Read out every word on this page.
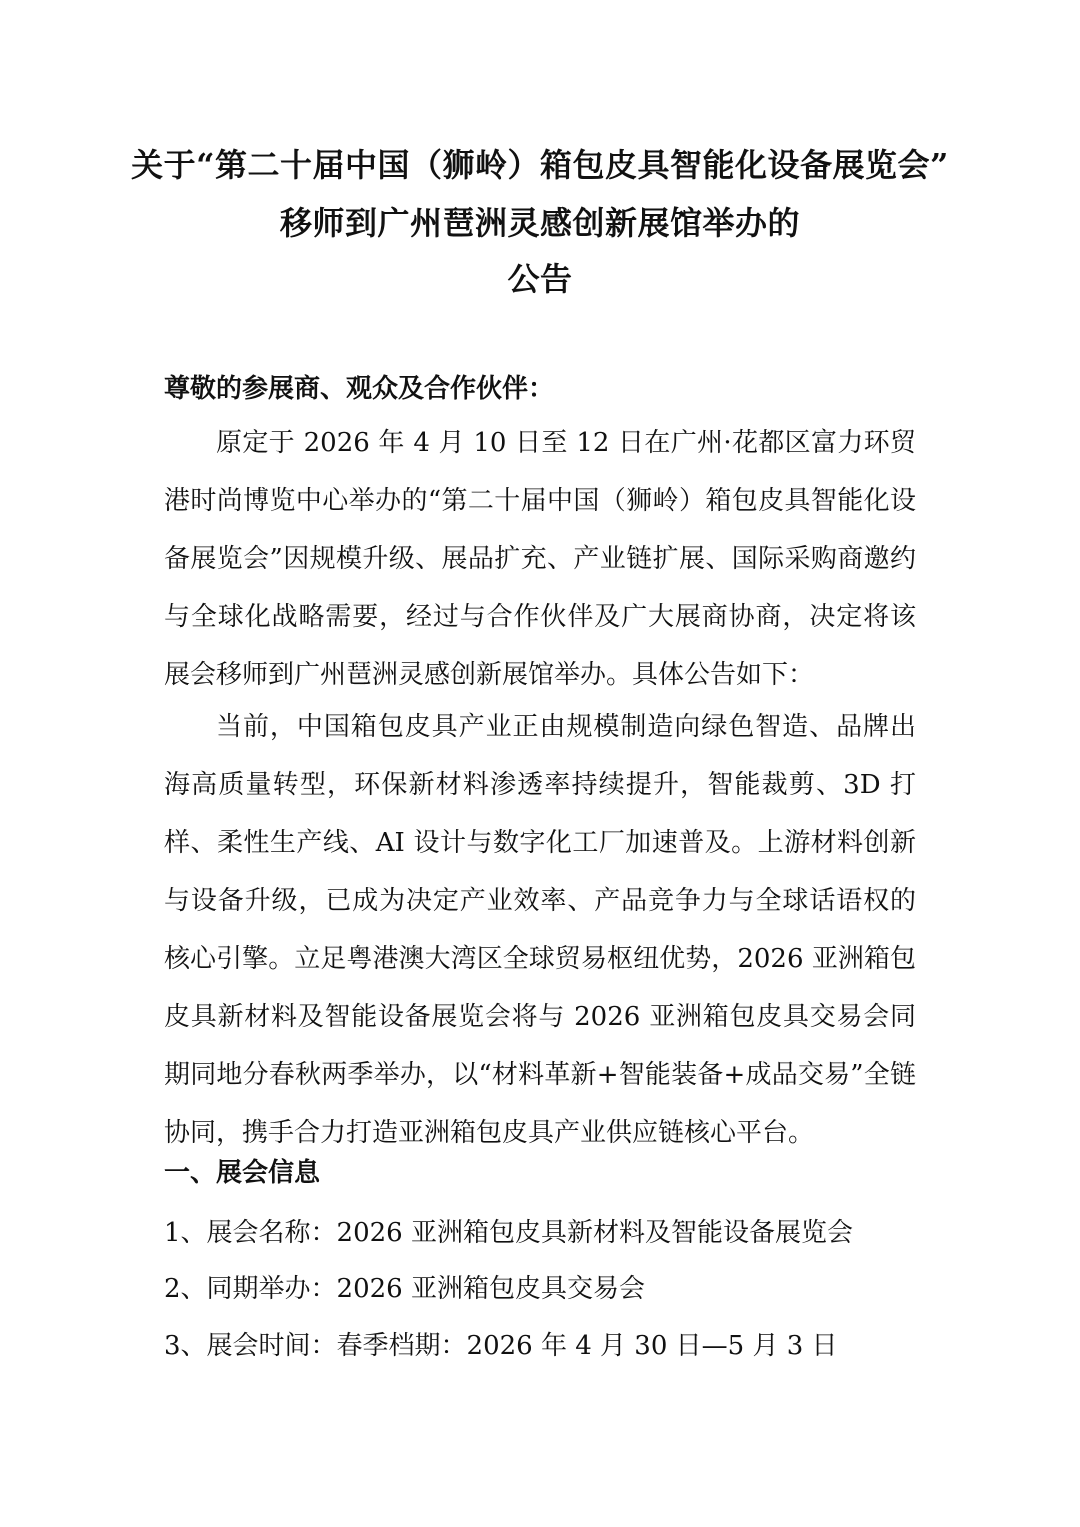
关于“第二十届中国（狮岭）箱包皮具智能化设备展览会”
移师到广州琶洲灵感创新展馆举办的
公告
尊敬的参展商、观众及合作伙伴：

原定于 2026 年 4 月 10 日至 12 日在广州·花都区富力环贸港时尚博览中心举办的“第二十届中国（狮岭）箱包皮具智能化设备展览会”因规模升级、展品扩充、产业链扩展、国际采购商邀约与全球化战略需要，经过与合作伙伴及广大展商协商，决定将该展会移师到广州琶洲灵感创新展馆举办。具体公告如下：

当前，中国箱包皮具产业正由规模制造向绿色智造、品牌出海高质量转型，环保新材料渗透率持续提升，智能裁剪、3D 打样、柔性生产线、AI 设计与数字化工厂加速普及。上游材料创新与设备升级，已成为决定产业效率、产品竞争力与全球话语权的核心引擎。立足粤港澳大湾区全球贸易枢纽优势，2026 亚洲箱包皮具新材料及智能设备展览会将与 2026 亚洲箱包皮具交易会同期同地分春秋两季举办，以“材料革新+智能装备+成品交易”全链协同，携手合力打造亚洲箱包皮具产业供应链核心平台。

一、展会信息
1、展会名称：2026 亚洲箱包皮具新材料及智能设备展览会
2、同期举办：2026 亚洲箱包皮具交易会
3、展会时间：春季档期：2026 年 4 月 30 日—5 月 3 日
